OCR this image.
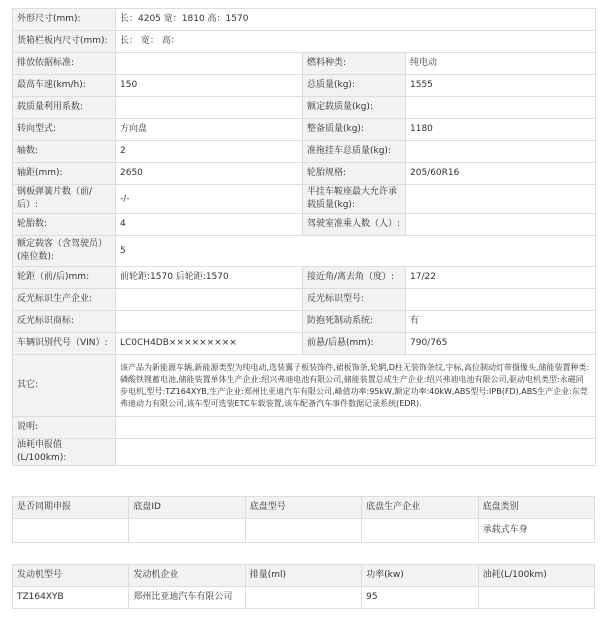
外形尺寸(mm):	长：4205 宽：1810 高：1570		
货箱栏板内尺寸(mm):	长： 宽： 高：		
排放依据标准:		燃料种类:	纯电动
最高车速(km/h):	150	总质量(kg):	1555
载质量利用系数:		额定载质量(kg):	
转向型式:	方向盘	整备质量(kg):	1180
轴数:	2	准拖挂车总质量(kg):	
轴距(mm):	2650	轮胎规格:	205/60R16
钢板弹簧片数（前/后）:	-/-	半挂车鞍座最大允许承载质量(kg):	
轮胎数:	4	驾驶室准乘人数（人）:	
额定载客（含驾驶员）(座位数):	5		
轮距（前/后)mm:	前轮距:1570 后轮距:1570	接近角/离去角（度）:	17/22
反光标识生产企业:		反光标识型号:	
反光标识商标:		防抱死制动系统:	有
车辆识别代号（VIN）:	LC0CH4DB×××××××××	前悬/后悬(mm):	790/765
其它:	该产品为新能源车辆,新能源类型为纯电动,选装翼子板装饰件,裙板饰条,轮辋,D柱无装饰条纹,字标,高位制动灯带摄像头,储能装置种类:磷酸铁锂蓄电池,储能装置单体生产企业:绍兴弗迪电池有限公司,储能装置总成生产企业:绍兴弗迪电池有限公司,驱动电机类型:永磁同步电机,型号:TZ164XYB,生产企业:郑州比亚迪汽车有限公司,峰值功率:95kW,额定功率:40kW,ABS型号:IPB(FD),ABS生产企业:东莞弗迪动力有限公司,该车型可选装ETC车载装置,该车配备汽车事件数据记录系统(EDR).		
说明:			
油耗申报值(L/100km):			
是否同期申报	底盘ID	底盘型号	底盘生产企业	底盘类别
				承载式车身
发动机型号	发动机企业	排量(ml)	功率(kw)	油耗(L/100km)
TZ164XYB	郑州比亚迪汽车有限公司		95	
